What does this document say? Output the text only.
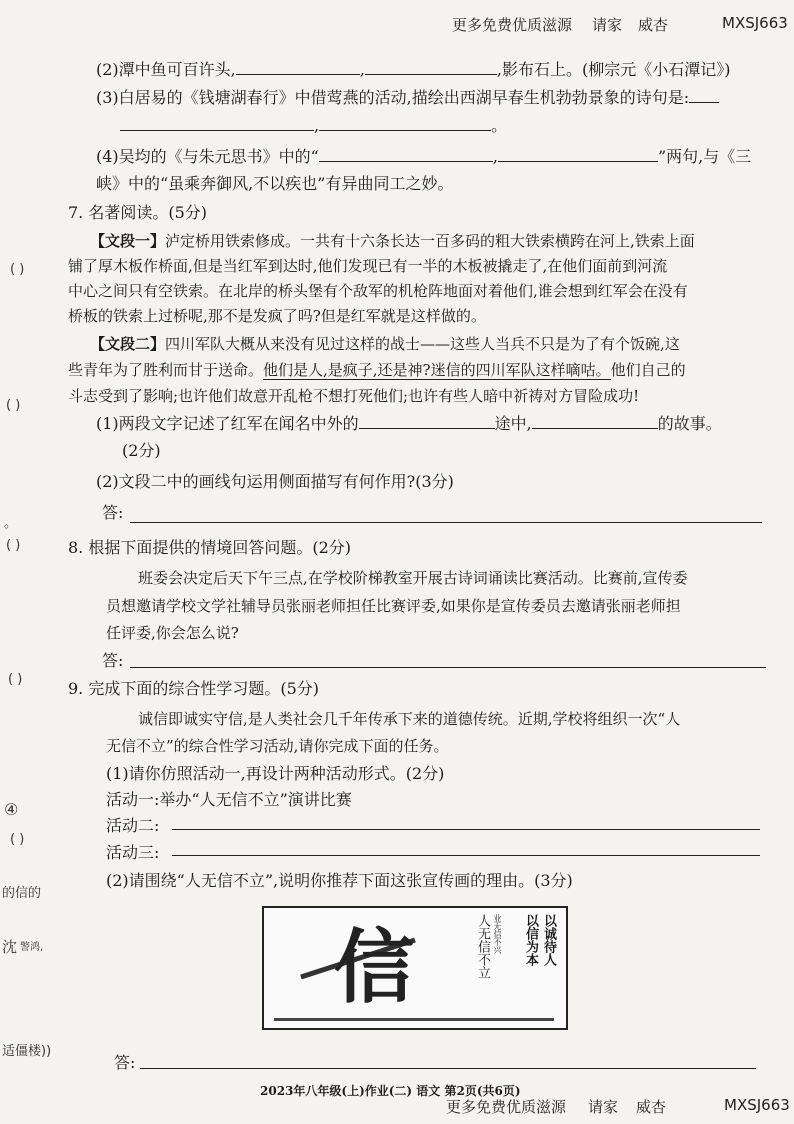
更多免费优质滋源 请家 威杏	MXSJ663
( )
( )
。
( )
( )
④
( )
的信的
沈 警鸿,
适僵 楼))
(2)潭中鱼可百许头,	,	,影布石上。(柳宗元《小石潭记》)
(3)白居易的《钱塘湖春行》中借莺燕的活动,描绘出西湖早春生机勃勃景象的诗句是:
,	。
(4)吴均的《与朱元思书》中的“	,	”两句,与《三
峡》中的“虽乘奔御风,不以疾也”有异曲同工之妙。
7. 名著阅读。(5分)
【文段一】泸定桥用铁索修成。一共有十六条长达一百多码的粗大铁索横跨在河上,铁索上面
铺了厚木板作桥面,但是当红军到达时,他们发现已有一半的木板被撬走了,在他们面前到河流
中心之间只有空铁索。在北岸的桥头堡有个敌军的机枪阵地面对着他们,谁会想到红军会在没有
桥板的铁索上过桥呢,那不是发疯了吗?但是红军就是这样做的。
【文段二】四川军队大概从来没有见过这样的战士——这些人当兵不只是为了有个饭碗,这
些青年为了胜利而甘于送命。他们是人,是疯子,还是神?迷信的四川军队这样嘀咕。他们自己的
斗志受到了影响;也许他们故意开乱枪不想打死他们;也许有些人暗中祈祷对方冒险成功!
(1)两段文字记述了红军在闻名中外的	途中,	的故事。
(2分)
(2)文段二中的画线句运用侧面描写有何作用?(3分)
答:
8. 根据下面提供的情境回答问题。(2分)
班委会决定后天下午三点,在学校阶梯教室开展古诗词诵读比赛活动。比赛前,宣传委
员想邀请学校文学社辅导员张丽老师担任比赛评委,如果你是宣传委员去邀请张丽老师担
任评委,你会怎么说?
答:
9. 完成下面的综合性学习题。(5分)
诚信即诚实守信,是人类社会几千年传承下来的道德传统。近期,学校将组织一次“人
无信不立”的综合性学习活动,请你完成下面的任务。
(1)请你仿照活动一,再设计两种活动形式。(2分)
活动一:举办“人无信不立”演讲比赛
活动二:
活动三:
(2)请围绕“人无信不立”,说明你推荐下面这张宣传画的理由。(3分)
信	人无信不立 业无信不兴 以信为本 以诚待人
答:
2023年八年级(上)作业(二) 语文 第2页(共6页)
更多免费优质滋源 请家 威杏	MXSJ663
